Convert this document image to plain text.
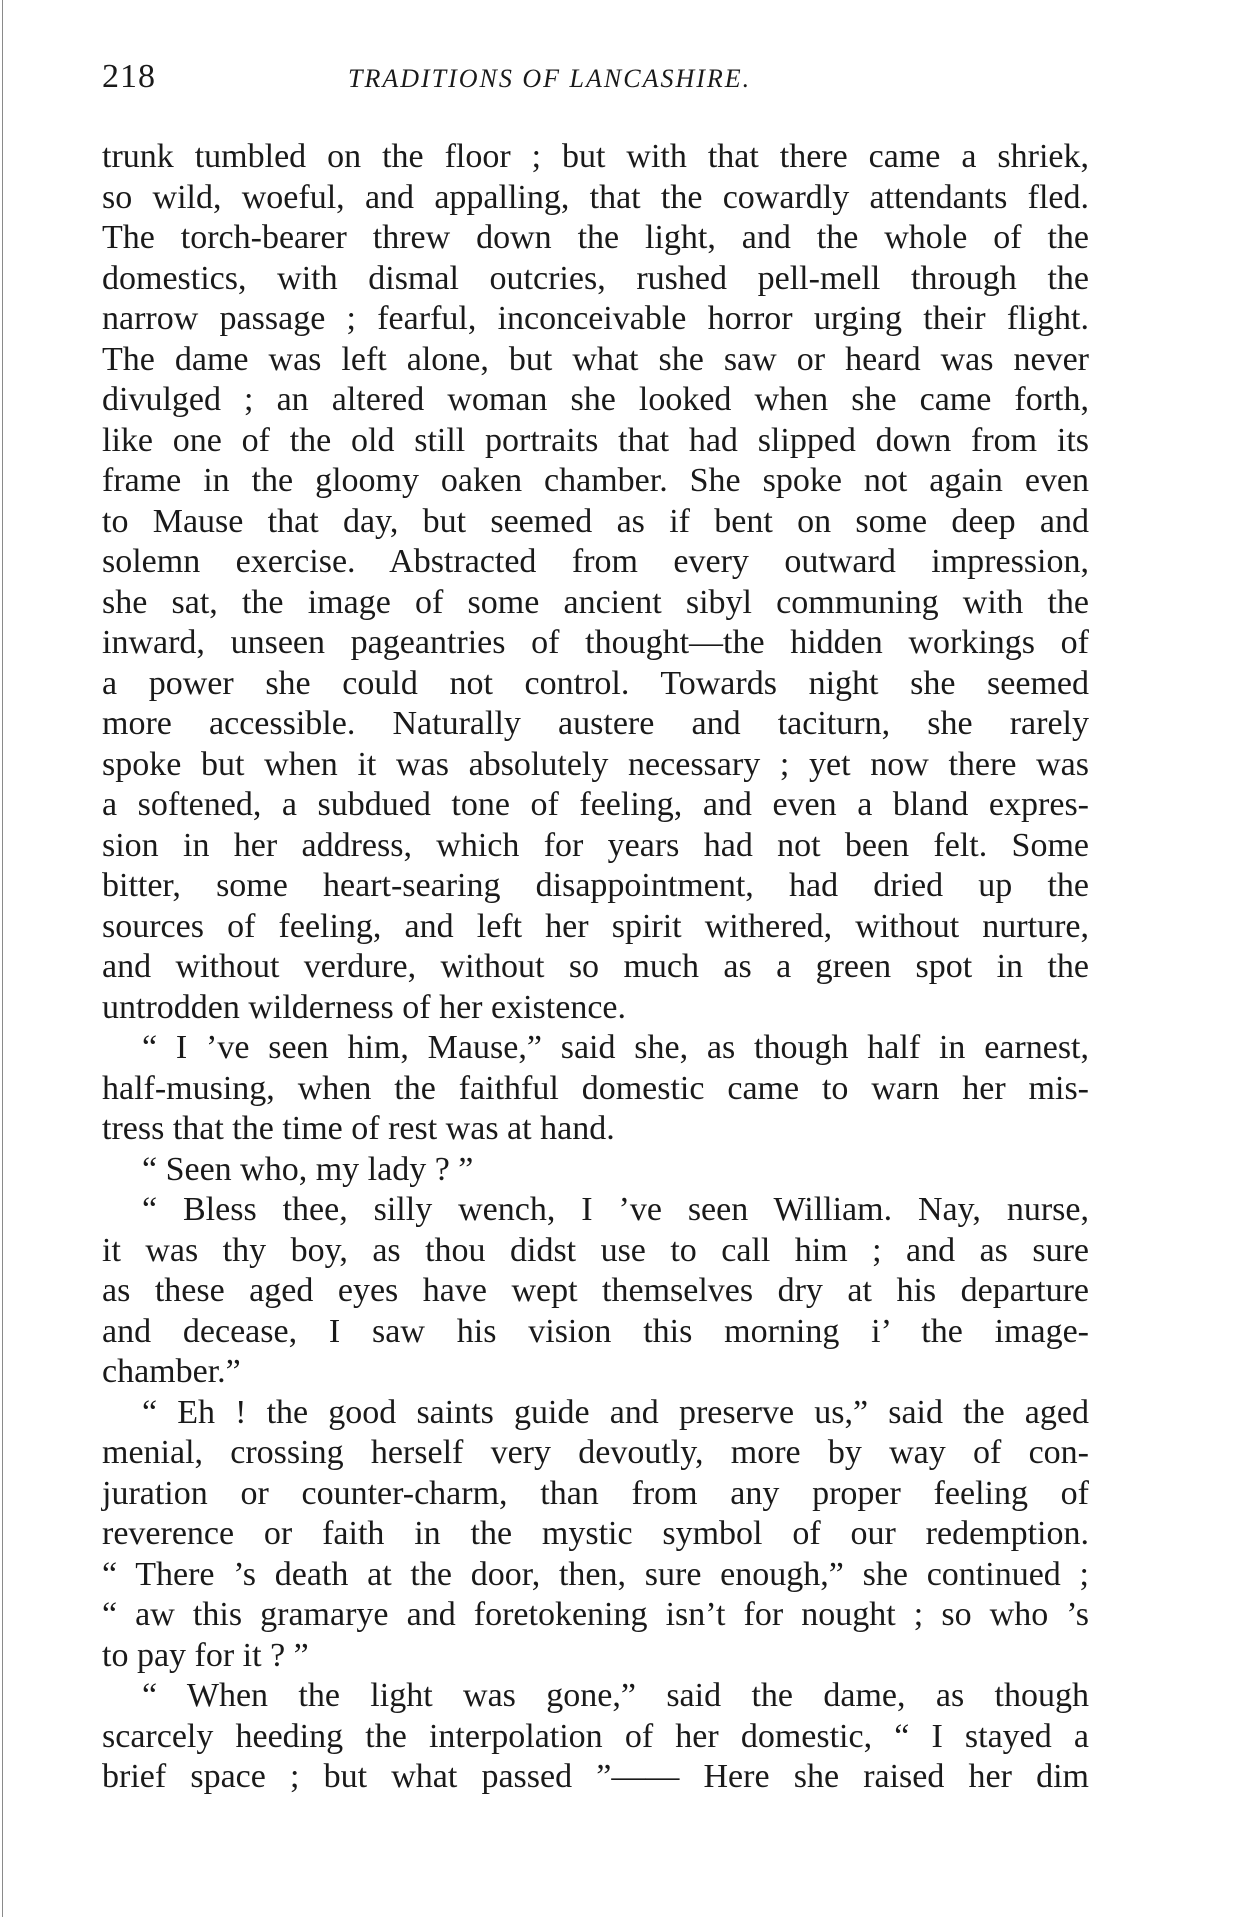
218	TRADITIONS OF LANCASHIRE.
trunk tumbled on the floor ; but with that there came a shriek,
so wild, woeful, and appalling, that the cowardly attendants fled.
The torch-bearer threw down the light, and the whole of the
domestics, with dismal outcries, rushed pell-mell through the
narrow passage ; fearful, inconceivable horror urging their flight.
The dame was left alone, but what she saw or heard was never
divulged ; an altered woman she looked when she came forth,
like one of the old still portraits that had slipped down from its
frame in the gloomy oaken chamber. She spoke not again even
to Mause that day, but seemed as if bent on some deep and
solemn exercise. Abstracted from every outward impression,
she sat, the image of some ancient sibyl communing with the
inward, unseen pageantries of thought—the hidden workings of
a power she could not control. Towards night she seemed
more accessible. Naturally austere and taciturn, she rarely
spoke but when it was absolutely necessary ; yet now there was
a softened, a subdued tone of feeling, and even a bland expres-
sion in her address, which for years had not been felt. Some
bitter, some heart-searing disappointment, had dried up the
sources of feeling, and left her spirit withered, without nurture,
and without verdure, without so much as a green spot in the
untrodden wilderness of her existence.
“ I ’ve seen him, Mause,” said she, as though half in earnest,
half-musing, when the faithful domestic came to warn her mis-
tress that the time of rest was at hand.
“ Seen who, my lady ? ”
“ Bless thee, silly wench, I ’ve seen William. Nay, nurse,
it was thy boy, as thou didst use to call him ; and as sure
as these aged eyes have wept themselves dry at his departure
and decease, I saw his vision this morning i’ the image-
chamber.”
“ Eh ! the good saints guide and preserve us,” said the aged
menial, crossing herself very devoutly, more by way of con-
juration or counter-charm, than from any proper feeling of
reverence or faith in the mystic symbol of our redemption.
“ There ’s death at the door, then, sure enough,” she continued ;
“ aw this gramarye and foretokening isn’t for nought ; so who ’s
to pay for it ? ”
“ When the light was gone,” said the dame, as though
scarcely heeding the interpolation of her domestic, “ I stayed a
brief space ; but what passed ”—— Here she raised her dim
